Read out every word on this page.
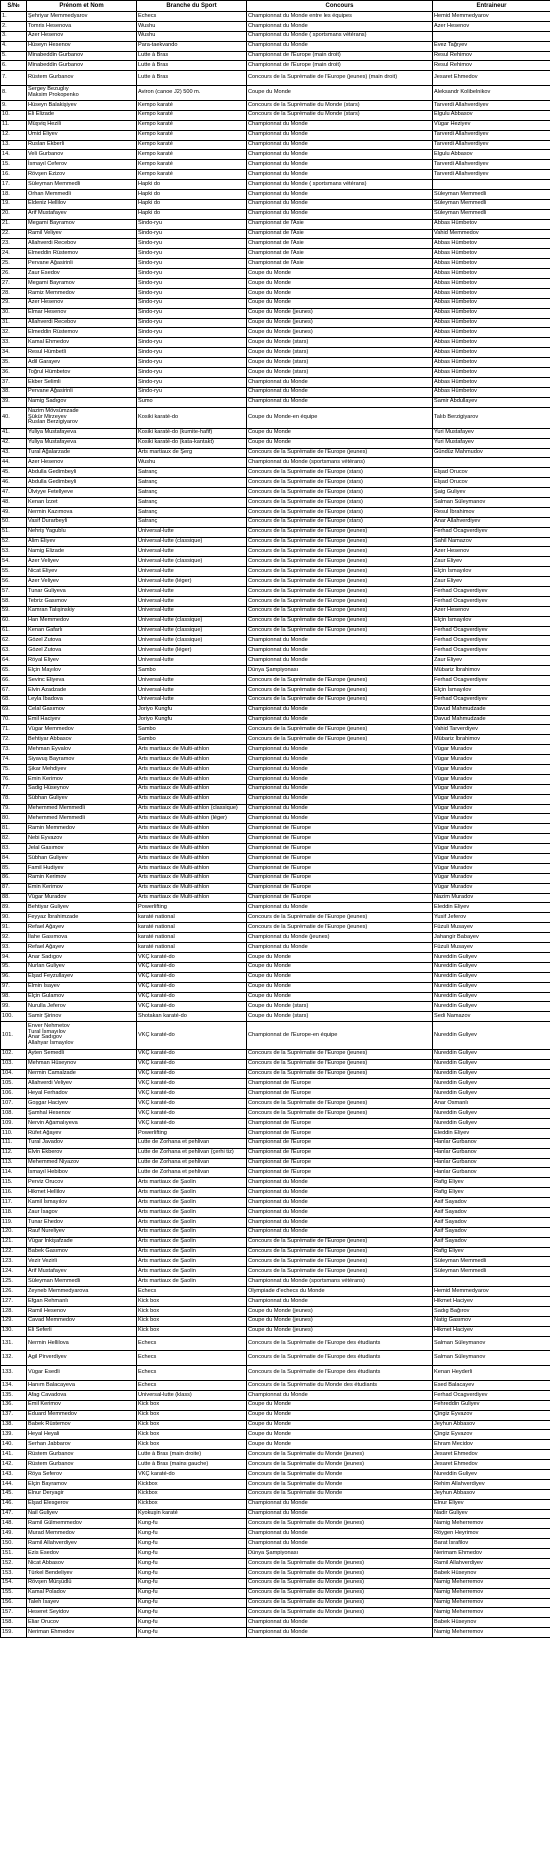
S/№	Prénom et Nom	Branche du Sport	Concours	Entraineur
1.	Şehriyar Memmedyarov	Echecs	Championnat du Monde entre les équipes	Hemid Memmedyarov
2.	Tomris Hesenova	Wushu	Championnat du Monde	Azer Hesenov
3.	Azer Hesenov	Wushu	Championnat du Monde ( sportsmans vétérans)	
4.	Hüseyn Hesenov	Para-taekvando	Championnat du Monde	Evez Tağıyev
5.	Minabeddin Gurbanov	Lutte à Bras	Championnat de l'Europe (main droit)	Resul Rehimov
6.	Minabeddin Gurbanov	Lutte à Bras	Championnat de l'Europe (main droit)	Resul Rehimov
7.	Rüstem Gurbanov	Lutte à Bras	Concours de la Suprématie de l'Europe (jeunes) (main droit)	Jesaret Ehmedov
8.	Sergey Bezuglıy
Maksim Prokopenko	Aviron (canoe J2) 500 m.	Coupe du Monde	Aleksandr Kolibelnikov
9.	Hüseyn Balakişiyev	Kempo karaté	Concours de la Suprématie du Monde (stars)	Tarverdi Allahverdiyev
10.	Eli Elizade	Kempo karaté	Concours de la Suprématie du Monde (stars)	Elgulu Abbasov
11.	Müşviq Hezili	Kempo karaté	Championnat du Monde	Vügar Heziyev
12.	Ümid Eliyev	Kempo karaté	Championnat du Monde	Tarverdi Allahverdiyev
13.	Ruslan Ekberli	Kempo karaté	Championnat du Monde	Tarverdi Allahverdiyev
14.	Veli Gurbanov	Kempo karaté	Championnat du Monde	Elgulu Abbasov
15.	İsmayıl Ceferov	Kempo karaté	Championnat du Monde	Tarverdi Allahverdiyev
16.	Rövşen Ezizov	Kempo karaté	Championnat du Monde	Tarverdi Allahverdiyev
17.	Süleyman Memmedli	Hapki do	Championnat du Monde ( sportsmans vétérans)	
18.	Orhan Memmedli	Hapki do	Championnat du Monde	Süleyman Memmedli
19.	Eldeniz Hellilov	Hapki do	Championnat du Monde	Süleyman Memmedli
20.	Arif Mustafayev	Hapki do	Championnat du Monde	Süleyman Memmedli
21.	Megami Bayramov	Sindo-ryu	Championnat de l'Asie	Abbas Hümbetov
22.	Ramil Veliyev	Sindo-ryu	Championnat de l'Asie	Vahid Memmedov
23.	Allahverdi Recebov	Sindo-ryu	Championnat de l'Asie	Abbas Hümbetov
24.	Elmeddin Rüstemov	Sindo-ryu	Championnat de l'Asie	Abbas Hümbetov
25.	Pervane Ağasirinli	Sindo-ryu	Championnat de l'Asie	Abbas Hümbetov
26.	Zaur Esedov	Sindo-ryu	Coupe du Monde	Abbas Hümbetov
27.	Megami Bayramov	Sindo-ryu	Coupe du Monde	Abbas Hümbetov
28.	Ramiz Memmedov	Sindo-ryu	Coupe du Monde	Abbas Hümbetov
29.	Azer Hesenov	Sindo-ryu	Coupe du Monde	Abbas Hümbetov
30.	Elmar Hesenov	Sindo-ryu	Coupe du Monde (jeunes)	Abbas Hümbetov
31.	Allahverdi Recebov	Sindo-ryu	Coupe du Monde (jeunes)	Abbas Hümbetov
32.	Elmeddin Rüstemov	Sindo-ryu	Coupe du Monde (jeunes)	Abbas Hümbetov
33.	Kamal Ehmedov	Sindo-ryu	Coupe du Monde (stars)	Abbas Hümbetov
34.	Resul Hümbetli	Sindo-ryu	Coupe du Monde (stars)	Abbas Hümbetov
35.	Adil Garayev	Sindo-ryu	Coupe du Monde (stars)	Abbas Hümbetov
36.	Toğrul Hümbetov	Sindo-ryu	Coupe du Monde (stars)	Abbas Hümbetov
37.	Ekber Selimli	Sindo-ryu	Championnat du Monde	Abbas Hümbetov
38.	Pervane Ağasirinli	Sindo-ryu	Championnat du Monde	Abbas Hümbetov
39.	Namig Sadıgov	Sumo	Championnat du Monde	Samir Abdullayev
40.	Nazim Mövsümzade
Şükür Mirzeyev
Ruslan Berzigiyarov	Kosiki karaté-do	Coupe du Monde-en équipe	Talıb Berzigiyarov
41.	Yuliya Mustafayeva	Kosiki karaté-do (kumite-hafif)	Coupe du Monde	Yuri Mustafayev
42.	Yuliya Mustafayeva	Kosiki karaté-do (kata-kantakt)	Coupe du Monde	Yuri Mustafayev
43.	Tural Ağalarzade	Arts martiaux de Şerg	Concours de la Suprématie de l'Europe (jeunes)	Gündüz Mahmudov
44.	Azer Hesenov	Wushu	Championnat du Monde (sportsmans vétérans)	
45.	Abdulla Gedimbeyli	Satranç	Concours de la Suprématie de l'Europe (stars)	Elşad Orucov
46.	Abdulla Gedimbeyli	Satranç	Concours de la Suprématie de l'Europe (stars)	Elşad Orucov
47.	Ülviyye Fetellyeve	Satranç	Concours de la Suprématie de l'Europe (stars)	Şaig Guliyev
48.	Kenan İzzet	Satranç	Concours de la Suprématie de l'Europe (stars)	Salman Süleymanov
49.	Nermin Kazımova	Satranç	Concours de la Suprématie de l'Europe (stars)	Resul İbrahimov
50.	Vasif Durarbeyli	Satranç	Concours de la Suprématie de l'Europe (stars)	Anar Allahverdiyev
51.	Nehriş Yagublu	Universal-lutte	Concours de la Suprématie de l'Europe (jeunes)	Ferhad Ocagverdiyev
52.	Alim Eliyev	Universal-lutte (classique)	Concours de la Suprématie de l'Europe (jeunes)	Sahil Namazov
53.	Namig Elizade	Universal-lutte	Concours de la Suprématie de l'Europe (jeunes)	Azer Hesenov
54.	Azer Veliyev	Universal-lutte (classique)	Concours de la Suprématie de l'Europe (jeunes)	Zaur Eliyev
55.	Nicat Eliyev	Universal-lutte	Concours de la Suprématie de l'Europe (jeunes)	Elçin İsmayılov
56.	Azer Veliyev	Universal-lutte (léger)	Concours de la Suprématie de l'Europe (jeunes)	Zaur Eliyev
57.	Tunar Guliyeva	Universal-lutte	Concours de la Suprématie de l'Europe (jeunes)	Ferhad Ocagverdiyev
58.	Tebriz Gasımov	Universal-lutte	Concours de la Suprématie de l'Europe (jeunes)	Ferhad Ocagverdiyev
59.	Kamran Talışinskiy	Universal-lutte	Concours de la Suprématie de l'Europe (jeunes)	Azer Hesenov
60.	Han Memmedov	Universal-lutte (classique)	Concours de la Suprématie de l'Europe (jeunes)	Elçin İsmayılov
61.	Kenan Gafarlı	Universal-lutte (classique)	Concours de la Suprématie de l'Europe (jeunes)	Ferhad Ocagverdiyev
62.	Gözel Zutova	Universal-lutte (classique)	Championnat du Monde	Ferhad Ocagverdiyev
63.	Gözel Zutova	Universal-lutte (léger)	Championnat du Monde	Ferhad Ocagverdiyev
64.	Röyal Eliyev	Universal-lutte	Championnat du Monde	Zaur Eliyev
65.	Elçin Mayılov	Sambo	Dünya Şampiyonası	Mübariz İbrahimov
66.	Sevinc Eliyeva	Universal-lutte	Concours de la Suprématie de l'Europe (jeunes)	Ferhad Ocagverdiyev
67.	Elvin Azadzade	Universal-lutte	Concours de la Suprématie de l'Europe (jeunes)	Elçin İsmayılov
68.	Leyla İbadova	Universal-lutte	Concours de la Suprématie de l'Europe (jeunes)	Ferhad Ocagverdiyev
69.	Celal Gasımov	Joriyo Kungfu	Championnat du Monde	Davud Mahmudzade
70.	Emil Haciyev	Joriyo Kungfu	Championnat du Monde	Davud Mahmudzade
71.	Vügar Memmedov	Sambo	Concours de la Suprématie de l'Europe (jeunes)	Vahid Tarverdiyev
72.	Behtiyar Abbasov	Sambo	Concours de la Suprématie de l'Europe (jeunes)	Mübariz İbrahimov
73.	Mehman Eyvalov	Arts martiaux de Multi-athlon	Championnat du Monde	Vügar Muradov
74.	Siyavuş Bayramov	Arts martiaux de Multi-athlon	Championnat du Monde	Vügar Muradov
75.	Şikar Mehdiyev	Arts martiaux de Multi-athlon	Championnat du Monde	Vügar Muradov
76.	Emin Kerimov	Arts martiaux de Multi-athlon	Championnat du Monde	Vügar Muradov
77.	Sadig Hüseynov	Arts martiaux de Multi-athlon	Championnat du Monde	Vügar Muradov
78.	Sübhan Guliyev	Arts martiaux de Multi-athlon	Championnat du Monde	Vügar Muradov
79.	Mehemmed Memmedli	Arts martiaux de Multi-athlon (classique)	Championnat du Monde	Vügar Muradov
80.	Mehemmed Memmedli	Arts martiaux de Multi-athlon (léger)	Championnat du Monde	Vügar Muradov
81.	Ramin Memmedov	Arts martiaux de Multi-athlon	Championnat de l'Europe	Vügar Muradov
82.	Nebi Eyvazov	Arts martiaux de Multi-athlon	Championnat de l'Europe	Vügar Muradov
83.	Jelal Gasımov	Arts martiaux de Multi-athlon	Championnat de l'Europe	Vügar Muradov
84.	Sübhan Guliyev	Arts martiaux de Multi-athlon	Championnat de l'Europe	Vügar Muradov
85.	Famil Hudiyev	Arts martiaux de Multi-athlon	Championnat de l'Europe	Vügar Muradov
86.	Ramin Kerimov	Arts martiaux de Multi-athlon	Championnat de l'Europe	Vügar Muradov
87.	Emin Kerimov	Arts martiaux de Multi-athlon	Championnat de l'Europe	Vügar Muradov
88.	Vügar Muradov	Arts martiaux de Multi-athlon	Championnat de l'Europe	Nazim Muradov
89.	Behtiyar Guliyev	Powerlifting	Championnat du Monde	Eleddin Eliyev
90.	Feyyaz İbrahimzade	karaté national	Concours de la Suprématie de l'Europe (jeunes)	Yusif Jeferov
91.	Refael Ağayev	karaté national	Concours de la Suprématie de l'Europe (jeunes)	Füzuli Musayev
92.	İlahe Gasımova	karaté national	Championnat du Monde (jeunes)	Jahangir Babayev
93.	Refael Ağayev	karaté national	Championnat du Monde	Füzuli Musayev
94.	Anar Sadıgov	VKÇ karaté-do	Coupe du Monde	Nureddin Guliyev
95.	Nurlan Guliyev	VKÇ karaté-do	Coupe du Monde	Nureddin Guliyev
96.	Elşad Feyzullayev	VKÇ karaté-do	Coupe du Monde	Nureddin Guliyev
97.	Elmin İsayev	VKÇ karaté-do	Coupe du Monde	Nureddin Guliyev
98.	Elçin Gulamov	VKÇ karaté-do	Coupe du Monde	Nureddin Guliyev
99.	Nurulla Jeferov	VKÇ karaté-do	Coupe du Monde (stars)	Nureddin Guliyev
100.	Samir Şirinov	Shotakan karaté-do	Coupe du Monde (stars)	Sedi Namazov
101.	Enver Nehmetov
Tural İsmayılov
Anar Sadıgov
Allahyar İsmayılov	VKÇ karaté-do	Championnat de l'Europe-en équipe	Nureddin Guliyev
102.	Ayten Semedli	VKÇ karaté-do	Concours de la Suprématie de l'Europe (jeunes)	Nureddin Guliyev
103.	Mehman Hüseynov	VKÇ karaté-do	Concours de la Suprématie de l'Europe (jeunes)	Nureddin Guliyev
104.	Nermin Camalzade	VKÇ karaté-do	Concours de la Suprématie de l'Europe (jeunes)	Nureddin Guliyev
105.	Allahverdi Veliyev	VKÇ karaté-do	Championnat de l'Europe	Nureddin Guliyev
106.	Heyal Ferhadov	VKÇ karaté-do	Championnat de l'Europe	Nureddin Guliyev
107.	Goşgar Haciyev	VKÇ karaté-do	Concours de la Suprématie de l'Europe (jeunes)	Anar Osmanlı
108.	Şamhal Hesenov	VKÇ karaté-do	Concours de la Suprématie de l'Europe (jeunes)	Nureddin Guliyev
109.	Nervin Ağamalıyeva	VKÇ karaté-do	Championnat de l'Europe	Nureddin Guliyev
110.	Rüfet Ağayev	Powerlifting	Championnat de l'Europe	Eleddin Eliyev
111.	Tural Javadov	Lutte de Zorhana et pehlivan	Championnat de l'Europe	Hanlar Gurbanov
112.	Elvin Ekberov	Lutte de Zorhana et pehlivan (çerhi tiz)	Championnat de l'Europe	Hanlar Gurbanov
113.	Mehemmed Niyazov	Lutte de Zorhana et pehlivan	Championnat de l'Europe	Hanlar Gurbanov
114.	İsmayıl Hebibov	Lutte de Zorhana et pehlivan	Championnat de l'Europe	Hanlar Gurbanov
115.	Perviz Orucov	Arts martiaux de Şaolin	Championnat du Monde	Rafig Eliyev
116.	Hikmet Hellilov	Arts martiaux de Şaolin	Championnat du Monde	Rafig Eliyev
117.	Kamil İsmayılov	Arts martiaux de Şaolin	Championnat du Monde	Asif Sayadov
118.	Zaur İsagov	Arts martiaux de Şaolin	Championnat du Monde	Asif Sayadov
119.	Tunar Ehedov	Arts martiaux de Şaolin	Championnat du Monde	Asif Sayadov
120.	Rauf Nureliyev	Arts martiaux de Şaolin	Championnat du Monde	Asif Sayadov
121.	Vügar İnkişafzade	Arts martiaux de Şaolin	Concours de la Suprématie de l'Europe (jeunes)	Asif Sayadov
122.	Babek Gasımov	Arts martiaux de Şaolin	Concours de la Suprématie de l'Europe (jeunes)	Rafig Eliyev
123.	Vezir Vezirli	Arts martiaux de Şaolin	Concours de la Suprématie de l'Europe (jeunes)	Süleyman Memmedli
124.	Arif Mustafayev	Arts martiaux de Şaolin	Concours de la Suprématie de l'Europe (jeunes)	Süleyman Memmedli
125.	Süleyman Memmedli	Arts martiaux de Şaolin	Championnat du Monde (sportsmans vétérans)	
126.	Zeyneb Memmedyarova	Echecs	Olympiade d'echecs du Monde	Hemid Memmedyarov
127.	Efgan Rehmanlı	Kick box	Championnat du Monde	Hikmet Haciyev
128.	Ramil Hesenov	Kick box	Coupe du Monde (jeunes)	Sadıg Bağırov
129.	Cavad Memmedov	Kick box	Coupe du Monde (jeunes)	Natig Gasımov
130.	Eli Seferli	Kick box	Coupe du Monde (jeunes)	Hikmet Haciyev
131.	Nermin Hellilova	Echecs	Concours de la Suprématie de l'Europe des étudiants	Salman Süleymanov
132.	Agil Pirverdiyev	Echecs	Concours de la Suprématie de l'Europe des étudiants	Salman Süleymanov
133.	Vügar Esedli	Echecs	Concours de la Suprématie de l'Europe des étudiants	Kenan Heyderli
134.	Hanım Balacayeva	Echecs	Concours de la Suprématie du Monde des étudiants	Esed Balacayev
135.	Afag Cavadova	Universal-lutte (klass)	Championnat du Monde	Ferhad Ocagverdiyev
136.	Emil Kerimov	Kick box	Coupe du Monde	Fehreddin Guliyev
137.	Eduard Memmedov	Kick box	Coupe du Monde	Çingiz Eyvazov
138.	Babek Rüstemov	Kick box	Coupe du Monde	Jeyhun Abbasov
139.	Heyal Heyali	Kick box	Coupe du Monde	Çingiz Eyvazov
140.	Serhan Jabbarov	Kick box	Coupe du Monde	Ehram Mecidov
141.	Rüstem Gurbanov	Lutte à Bras (main droite)	Concours de la Suprématie du Monde (jeunes)	Jesaret Ehmedov
142.	Rüstem Gurbanov	Lutte à Bras (mains gauche)	Concours de la Suprématie du Monde (jeunes)	Jesaret Ehmedov
143.	Röya Seferov	VKÇ karaté-do	Concours de la Suprématie du Monde	Nureddin Guliyev
144.	Elçin Bayramov	Kickbox	Concours de la Suprématie du Monde	Rehim Allahverdiyev
145.	Elnur Deryagir	Kickbox	Concours de la Suprématie du Monde	Jeyhun Abbasov
146.	Elşad Elesgerov	Kickbox	Championnat du Monde	Elnur Eliyev
147.	Nail Guliyev	Kyokuşin karaté	Championnat du Monde	Nadir Guliyev
148.	Ramil Gülmemmedov	Kung-fu	Concours de la Suprématie du Monde (jeunes)	Namig Meherremov
149.	Murad Memmedov	Kung-fu	Championnat du Monde	Röygen Heyrimov
150.	Ramil Allahverdiyev	Kung-fu	Championnat du Monde	Barat İsrafilov
151.	Ezis Esedov	Kung-fu	Dünya Şampiyonası	Nerimam Ehmedov
152.	Nicat Abbasov	Kung-fu	Concours de la Suprématie du Monde (jeunes)	Ramil Allahverdiyev
153.	Türkel Bendeliyev	Kung-fu	Concours de la Suprématie du Monde (jeunes)	Babek Hüseynov
154.	Rövşen Mürşüdlü	Kung-fu	Concours de la Suprématie du Monde (jeunes)	Namig Meherremov
155.	Kamal Poladov	Kung-fu	Concours de la Suprématie du Monde (jeunes)	Namig Meherremov
156.	Taleh İsayev	Kung-fu	Concours de la Suprématie du Monde (jeunes)	Namig Meherremov
157.	Heseret Seyidov	Kung-fu	Concours de la Suprématie du Monde (jeunes)	Namig Meherremov
158.	Eliar Orucov	Kung-fu	Championnat du Monde	Babek Hüseynov
159.	Neriman Ehmedov	Kung-fu	Championnat du Monde	Namig Meherremov
